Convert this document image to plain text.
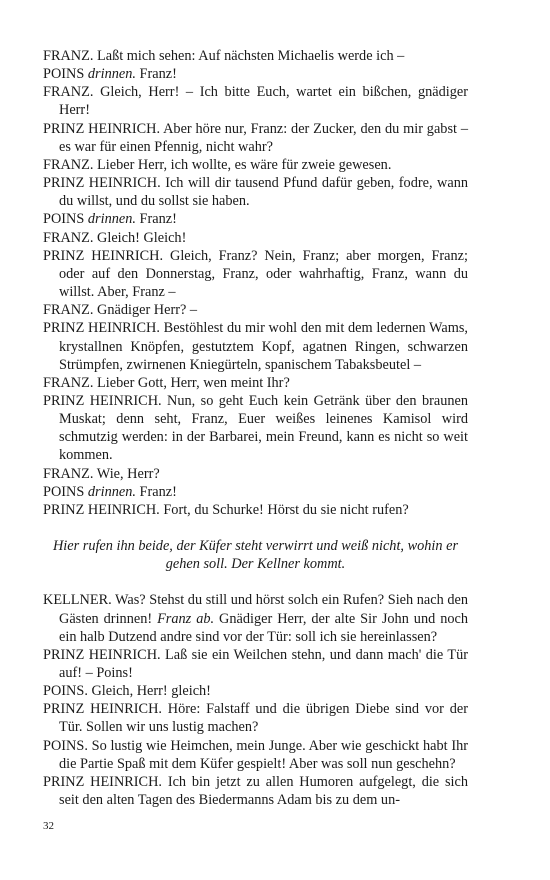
FRANZ. Laßt mich sehen: Auf nächsten Michaelis werde ich –

POINS drinnen. Franz!

FRANZ. Gleich, Herr! – Ich bitte Euch, wartet ein bißchen, gnädiger Herr!

PRINZ HEINRICH. Aber höre nur, Franz: der Zucker, den du mir gabst – es war für einen Pfennig, nicht wahr?

FRANZ. Lieber Herr, ich wollte, es wäre für zweie gewesen.

PRINZ HEINRICH. Ich will dir tausend Pfund dafür geben, fodre, wann du willst, und du sollst sie haben.

POINS drinnen. Franz!

FRANZ. Gleich! Gleich!

PRINZ HEINRICH. Gleich, Franz? Nein, Franz; aber morgen, Franz; oder auf den Donnerstag, Franz, oder wahrhaftig, Franz, wann du willst. Aber, Franz –

FRANZ. Gnädiger Herr? –

PRINZ HEINRICH. Bestöhlest du mir wohl den mit dem ledernen Wams, krystallnen Knöpfen, gestutztem Kopf, agatnen Ringen, schwarzen Strümpfen, zwirnenen Kniegürteln, spanischem Tabaksbeutel –

FRANZ. Lieber Gott, Herr, wen meint Ihr?

PRINZ HEINRICH. Nun, so geht Euch kein Getränk über den braunen Muskat; denn seht, Franz, Euer weißes leinenes Kamisol wird schmutzig werden: in der Barbarei, mein Freund, kann es nicht so weit kommen.

FRANZ. Wie, Herr?

POINS drinnen. Franz!

PRINZ HEINRICH. Fort, du Schurke! Hörst du sie nicht rufen?

Hier rufen ihn beide, der Küfer steht verwirrt und weiß nicht, wohin er gehen soll. Der Kellner kommt.

KELLNER. Was? Stehst du still und hörst solch ein Rufen? Sieh nach den Gästen drinnen! Franz ab. Gnädiger Herr, der alte Sir John und noch ein halb Dutzend andre sind vor der Tür: soll ich sie hereinlassen?

PRINZ HEINRICH. Laß sie ein Weilchen stehn, und dann mach' die Tür auf! – Poins!

POINS. Gleich, Herr! gleich!

PRINZ HEINRICH. Höre: Falstaff und die übrigen Diebe sind vor der Tür. Sollen wir uns lustig machen?

POINS. So lustig wie Heimchen, mein Junge. Aber wie geschickt habt Ihr die Partie Spaß mit dem Küfer gespielt! Aber was soll nun geschehn?

PRINZ HEINRICH. Ich bin jetzt zu allen Humoren aufgelegt, die sich seit den alten Tagen des Biedermanns Adam bis zu dem un-

32
